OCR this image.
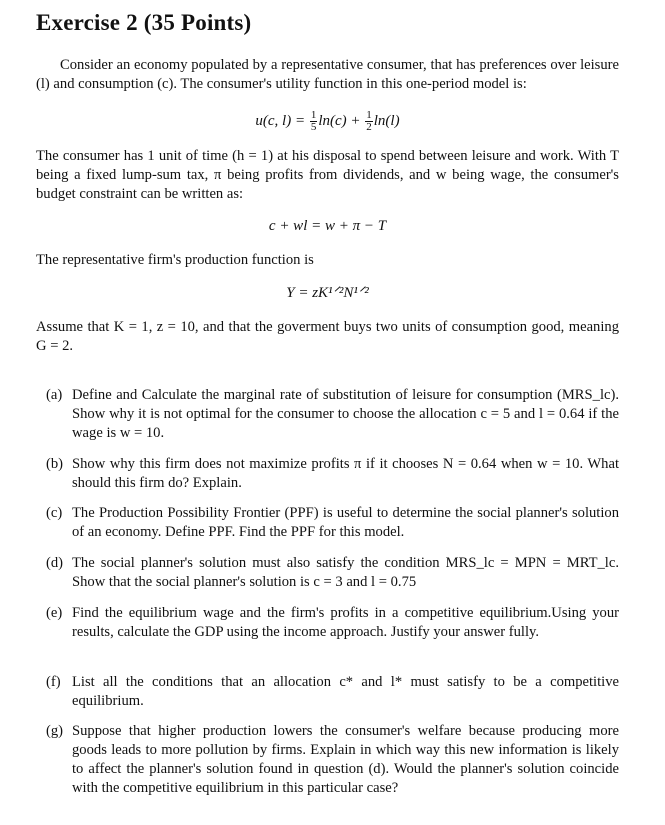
Exercise 2 (35 Points)
Consider an economy populated by a representative consumer, that has preferences over leisure (l) and consumption (c). The consumer's utility function in this one-period model is:
u(c, $l) = \frac{1}{5} \ln(c) + \frac{1}{2} \ln(l)$
The consumer has 1 unit of time (h = 1) at his disposal to spend between leisure and work. With T being a fixed lump-sum tax, π being profits from dividends, and w being wage, the consumer's budget constraint can be written as:
c + wl = w + π − T
The representative firm's production function is
Y = zK¹ᐟ²N¹ᐟ²
Assume that K = 1, z = 10, and that the goverment buys two units of consumption good, meaning G = 2.
(a) Define and Calculate the marginal rate of substitution of leisure for consumption (MRS_lc). Show why it is not optimal for the consumer to choose the allocation c = 5 and l = 0.64 if the wage is w = 10.
(b) Show why this firm does not maximize profits π if it chooses N = 0.64 when w = 10. What should this firm do? Explain.
(c) The Production Possibility Frontier (PPF) is useful to determine the social planner's solution of an economy. Define PPF. Find the PPF for this model.
(d) The social planner's solution must also satisfy the condition MRS_lc = MPN = MRT_lc. Show that the social planner's solution is c = 3 and l = 0.75
(e) Find the equilibrium wage and the firm's profits in a competitive equilibrium.Using your results, calculate the GDP using the income approach. Justify your answer fully.
(f) List all the conditions that an allocation c* and l* must satisfy to be a competitive equilibrium.
(g) Suppose that higher production lowers the consumer's welfare because producing more goods leads to more pollution by firms. Explain in which way this new information is likely to affect the planner's solution found in question (d). Would the planner's solution coincide with the competitive equilibrium in this particular case?
